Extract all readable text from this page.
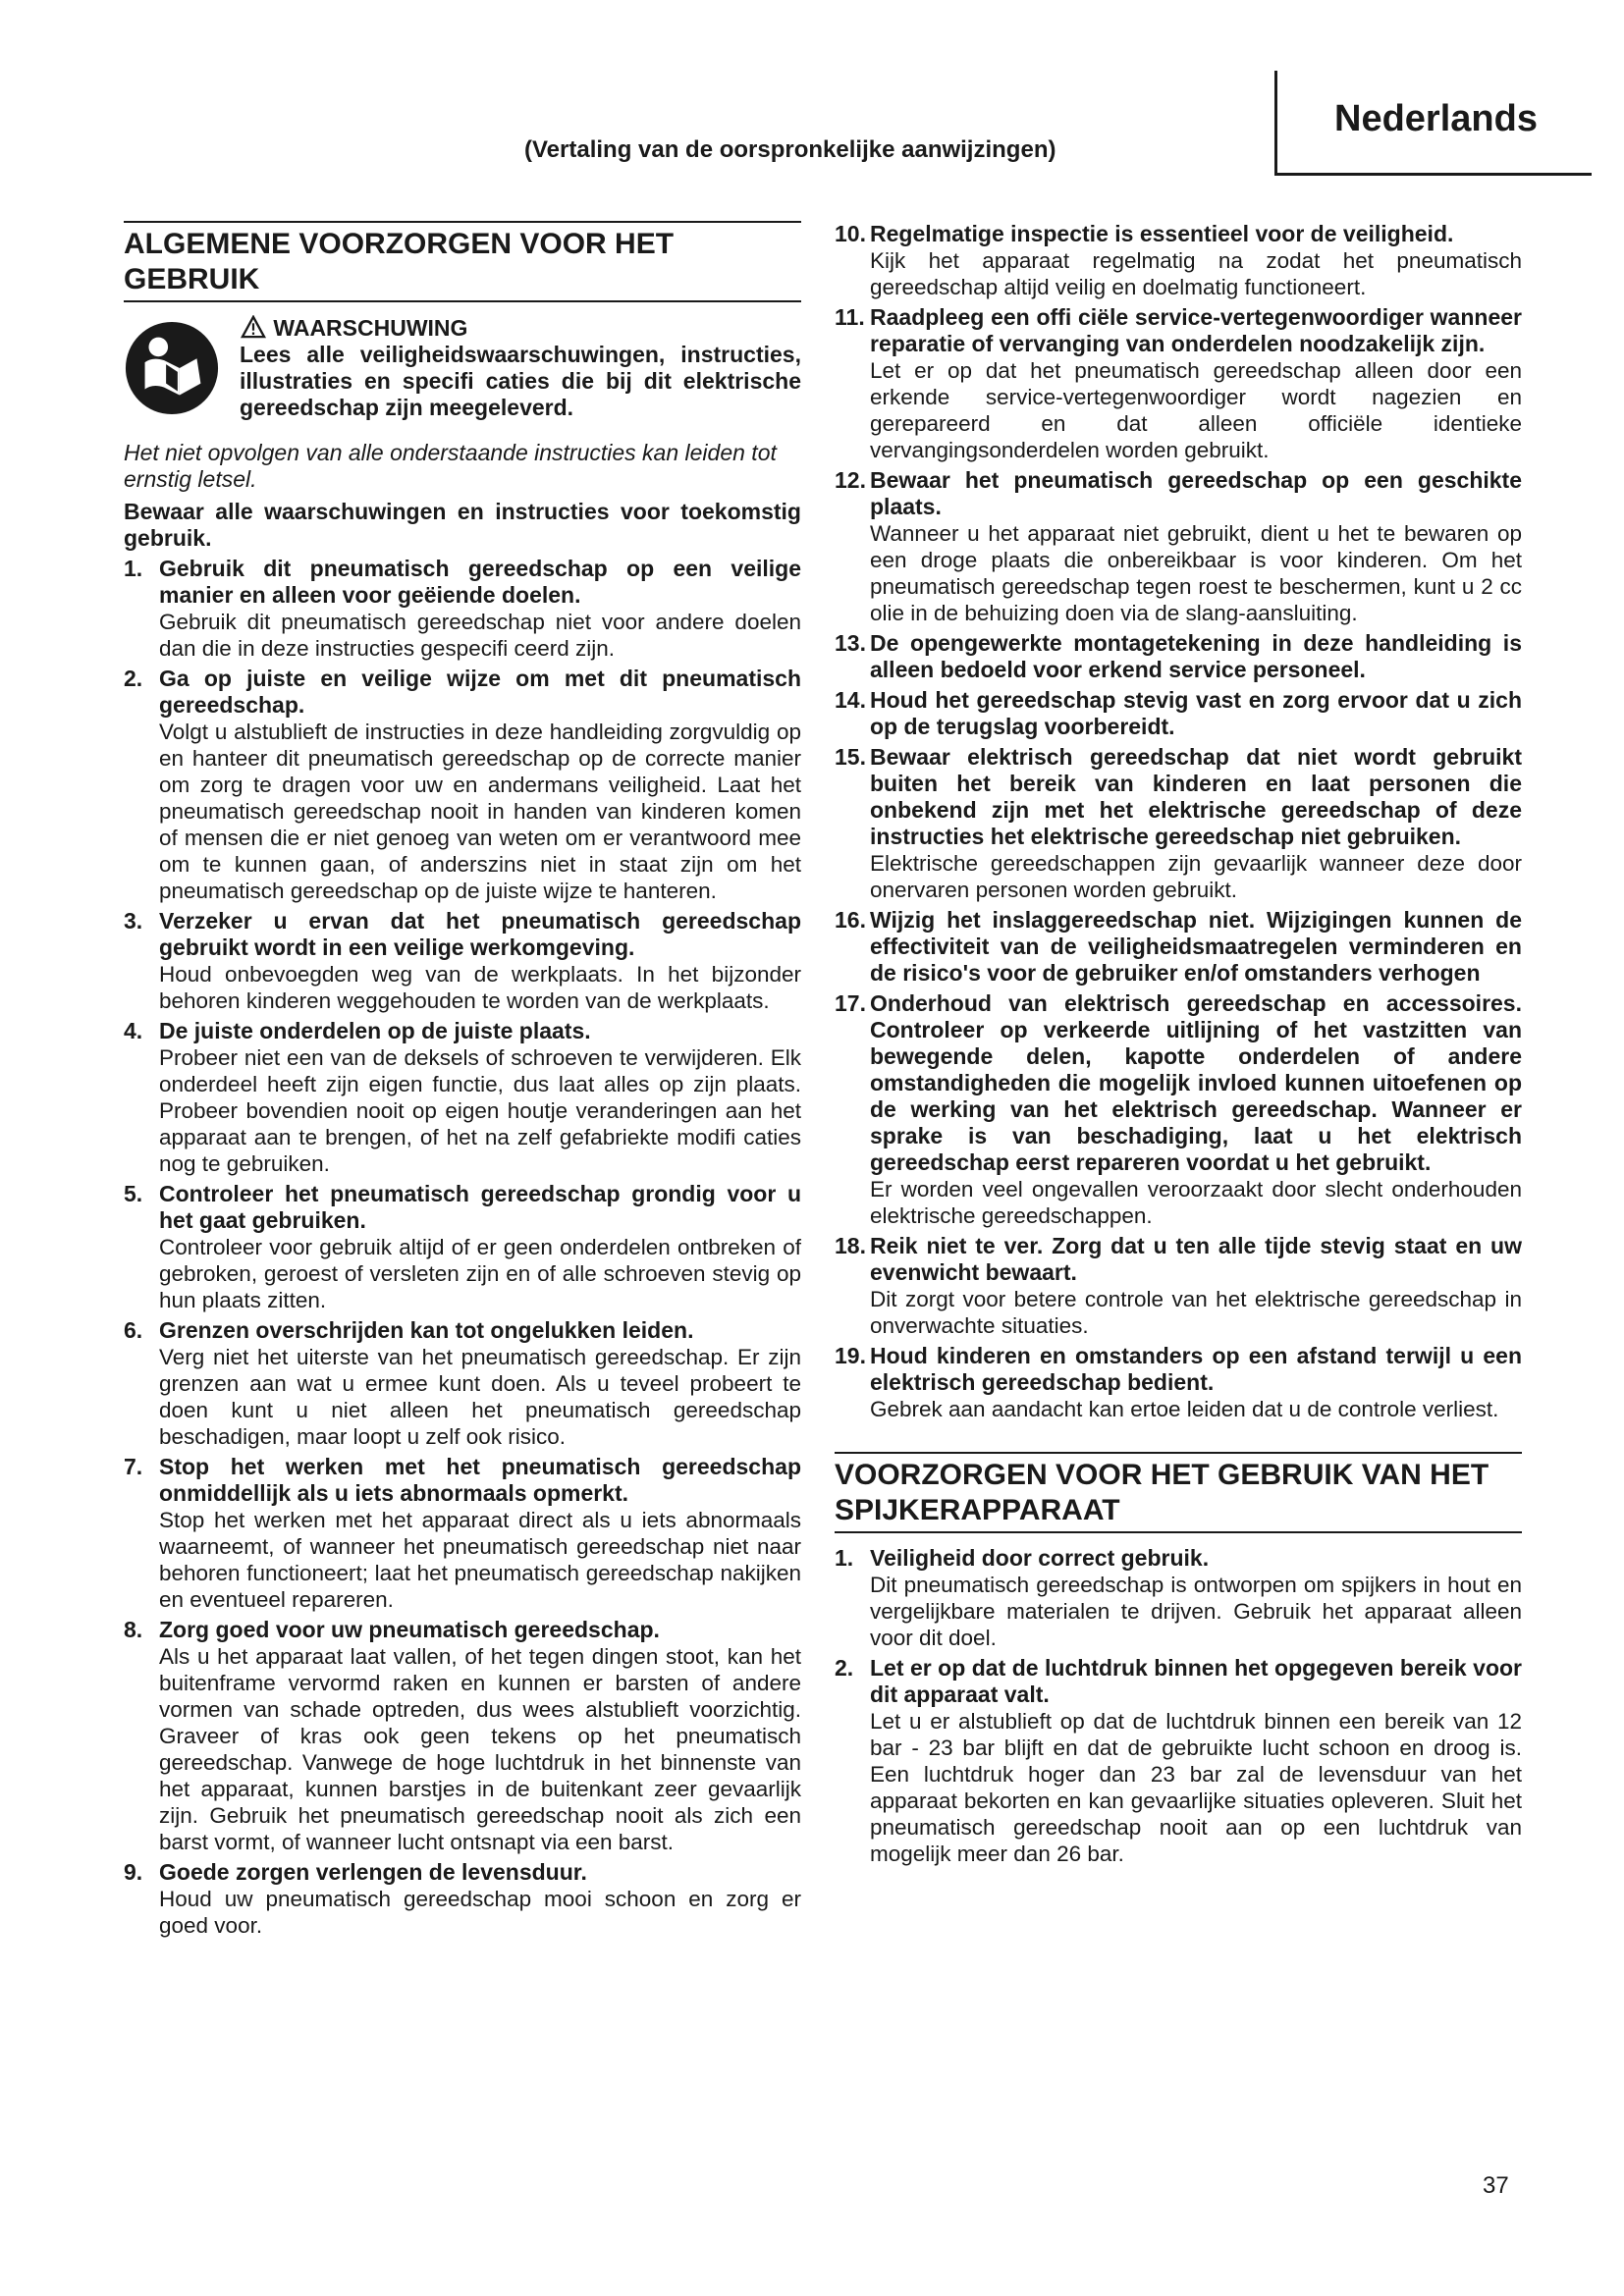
Nederlands
(Vertaling van de oorspronkelijke aanwijzingen)
ALGEMENE VOORZORGEN VOOR HET GEBRUIK
WAARSCHUWING
Lees alle veiligheidswaarschuwingen, instructies, illustraties en specifi caties die bij dit elektrische gereedschap zijn meegeleverd.
Het niet opvolgen van alle onderstaande instructies kan leiden tot ernstig letsel.
Bewaar alle waarschuwingen en instructies voor toekomstig gebruik.
1. Gebruik dit pneumatisch gereedschap op een veilige manier en alleen voor geëiende doelen.
Gebruik dit pneumatisch gereedschap niet voor andere doelen dan die in deze instructies gespecifi ceerd zijn.
2. Ga op juiste en veilige wijze om met dit pneumatisch gereedschap.
Volgt u alstublieft de instructies in deze handleiding zorgvuldig op en hanteer dit pneumatisch gereedschap op de correcte manier om zorg te dragen voor uw en andermans veiligheid. Laat het pneumatisch gereedschap nooit in handen van kinderen komen of mensen die er niet genoeg van weten om er verantwoord mee om te kunnen gaan, of anderszins niet in staat zijn om het pneumatisch gereedschap op de juiste wijze te hanteren.
3. Verzeker u ervan dat het pneumatisch gereedschap gebruikt wordt in een veilige werkomgeving.
Houd onbevoegden weg van de werkplaats. In het bijzonder behoren kinderen weggehouden te worden van de werkplaats.
4. De juiste onderdelen op de juiste plaats.
Probeer niet een van de deksels of schroeven te verwijderen. Elk onderdeel heeft zijn eigen functie, dus laat alles op zijn plaats. Probeer bovendien nooit op eigen houtje veranderingen aan het apparaat aan te brengen, of het na zelf gefabriekte modifi caties nog te gebruiken.
5. Controleer het pneumatisch gereedschap grondig voor u het gaat gebruiken.
Controleer voor gebruik altijd of er geen onderdelen ontbreken of gebroken, geroest of versleten zijn en of alle schroeven stevig op hun plaats zitten.
6. Grenzen overschrijden kan tot ongelukken leiden.
Verg niet het uiterste van het pneumatisch gereedschap. Er zijn grenzen aan wat u ermee kunt doen. Als u teveel probeert te doen kunt u niet alleen het pneumatisch gereedschap beschadigen, maar loopt u zelf ook risico.
7. Stop het werken met het pneumatisch gereedschap onmiddellijk als u iets abnormaals opmerkt.
Stop het werken met het apparaat direct als u iets abnormaals waarneemt, of wanneer het pneumatisch gereedschap niet naar behoren functioneert; laat het pneumatisch gereedschap nakijken en eventueel repareren.
8. Zorg goed voor uw pneumatisch gereedschap.
Als u het apparaat laat vallen, of het tegen dingen stoot, kan het buitenframe vervormd raken en kunnen er barsten of andere vormen van schade optreden, dus wees alstublieft voorzichtig. Graveer of kras ook geen tekens op het pneumatisch gereedschap. Vanwege de hoge luchtdruk in het binnenste van het apparaat, kunnen barstjes in de buitenkant zeer gevaarlijk zijn. Gebruik het pneumatisch gereedschap nooit als zich een barst vormt, of wanneer lucht ontsnapt via een barst.
9. Goede zorgen verlengen de levensduur.
Houd uw pneumatisch gereedschap mooi schoon en zorg er goed voor.
10. Regelmatige inspectie is essentieel voor de veiligheid.
Kijk het apparaat regelmatig na zodat het pneumatisch gereedschap altijd veilig en doelmatig functioneert.
11. Raadpleeg een offi ciële service-vertegenwoordiger wanneer reparatie of vervanging van onderdelen noodzakelijk zijn.
Let er op dat het pneumatisch gereedschap alleen door een erkende service-vertegenwoordiger wordt nagezien en gerepareerd en dat alleen officiële identieke vervangingsonderdelen worden gebruikt.
12. Bewaar het pneumatisch gereedschap op een geschikte plaats.
Wanneer u het apparaat niet gebruikt, dient u het te bewaren op een droge plaats die onbereikbaar is voor kinderen. Om het pneumatisch gereedschap tegen roest te beschermen, kunt u 2 cc olie in de behuizing doen via de slang-aansluiting.
13. De opengewerkte montagetekening in deze handleiding is alleen bedoeld voor erkend service personeel.
14. Houd het gereedschap stevig vast en zorg ervoor dat u zich op de terugslag voorbereidt.
15. Bewaar elektrisch gereedschap dat niet wordt gebruikt buiten het bereik van kinderen en laat personen die onbekend zijn met het elektrische gereedschap of deze instructies het elektrische gereedschap niet gebruiken.
Elektrische gereedschappen zijn gevaarlijk wanneer deze door onervaren personen worden gebruikt.
16. Wijzig het inslaggereedschap niet. Wijzigingen kunnen de effectiviteit van de veiligheidsmaatregelen verminderen en de risico's voor de gebruiker en/of omstanders verhogen
17. Onderhoud van elektrisch gereedschap en accessoires. Controleer op verkeerde uitlijning of het vastzitten van bewegende delen, kapotte onderdelen of andere omstandigheden die mogelijk invloed kunnen uitoefenen op de werking van het elektrisch gereedschap. Wanneer er sprake is van beschadiging, laat u het elektrisch gereedschap eerst repareren voordat u het gebruikt.
Er worden veel ongevallen veroorzaakt door slecht onderhouden elektrische gereedschappen.
18. Reik niet te ver. Zorg dat u ten alle tijde stevig staat en uw evenwicht bewaart.
Dit zorgt voor betere controle van het elektrische gereedschap in onverwachte situaties.
19. Houd kinderen en omstanders op een afstand terwijl u een elektrisch gereedschap bedient.
Gebrek aan aandacht kan ertoe leiden dat u de controle verliest.
VOORZORGEN VOOR HET GEBRUIK VAN HET SPIJKERAPPARAAT
1. Veiligheid door correct gebruik.
Dit pneumatisch gereedschap is ontworpen om spijkers in hout en vergelijkbare materialen te drijven. Gebruik het apparaat alleen voor dit doel.
2. Let er op dat de luchtdruk binnen het opgegeven bereik voor dit apparaat valt.
Let u er alstublieft op dat de luchtdruk binnen een bereik van 12 bar - 23 bar blijft en dat de gebruikte lucht schoon en droog is. Een luchtdruk hoger dan 23 bar zal de levensduur van het apparaat bekorten en kan gevaarlijke situaties opleveren. Sluit het pneumatisch gereedschap nooit aan op een luchtdruk van mogelijk meer dan 26 bar.
37
